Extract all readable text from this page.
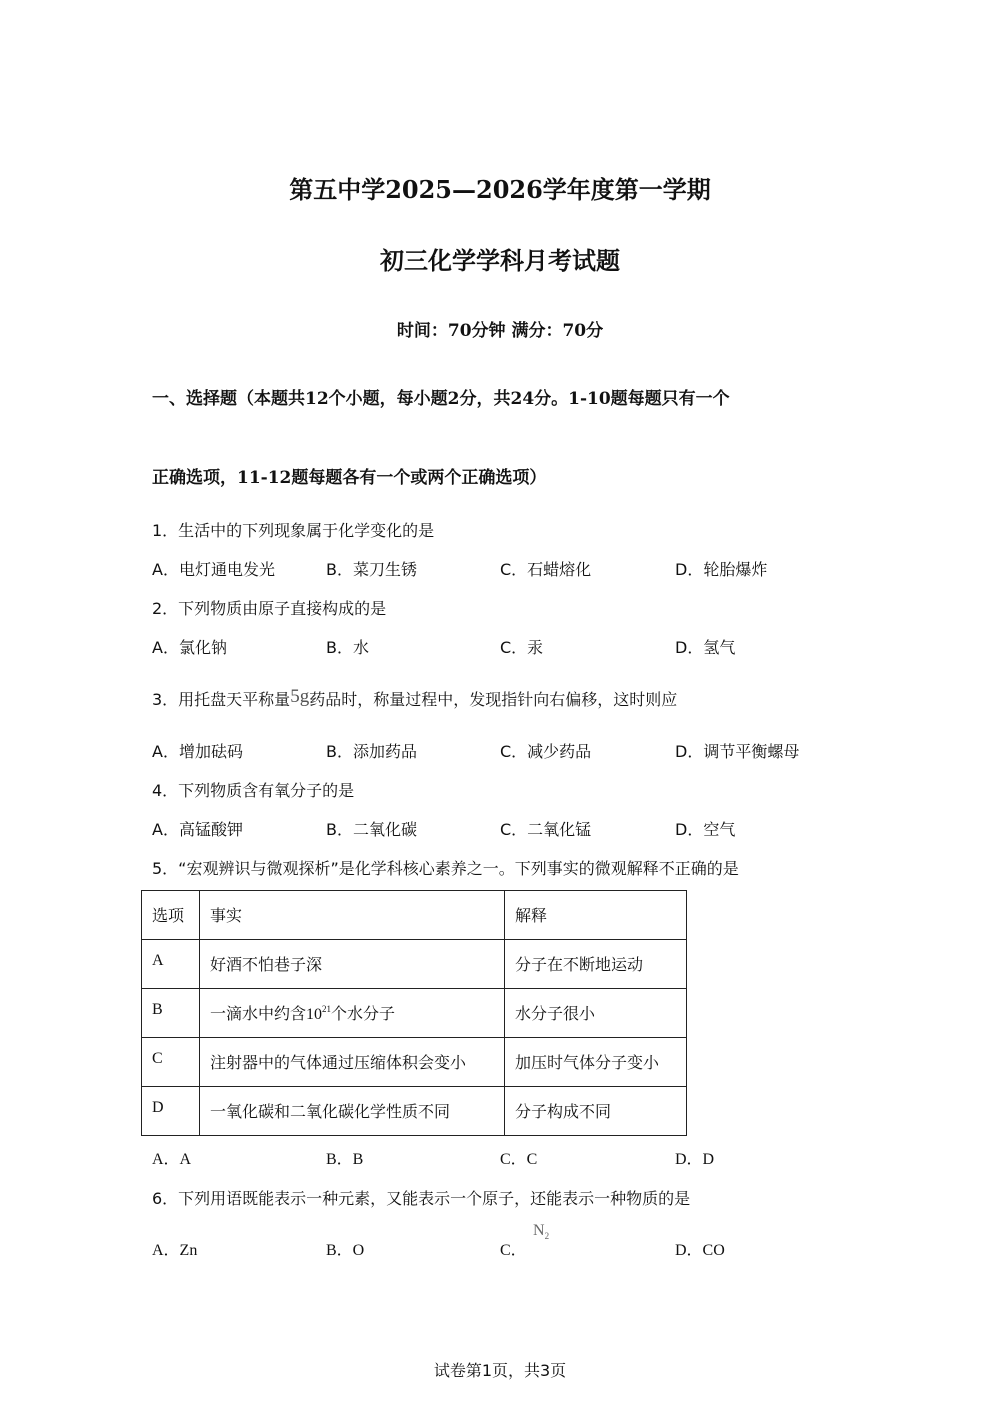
第五中学2025—2026学年度第一学期
初三化学学科月考试题
时间：70分钟 满分：70分
一、选择题（本题共12个小题，每小题2分，共24分。1-10题每题只有一个
正确选项，11-12题每题各有一个或两个正确选项）
1．生活中的下列现象属于化学变化的是
A．电灯通电发光	B．菜刀生锈	C．石蜡熔化	D．轮胎爆炸
2．下列物质由原子直接构成的是
A．氯化钠	B．水	C．汞	D．氢气
3．用托盘天平称量5g药品时，称量过程中，发现指针向右偏移，这时则应
A．增加砝码	B．添加药品	C．减少药品	D．调节平衡螺母
4．下列物质含有氧分子的是
A．高锰酸钾	B．二氧化碳	C．二氧化锰	D．空气
5．“宏观辨识与微观探析”是化学科核心素养之一。下列事实的微观解释不正确的是
选项	事实	解释
A	好酒不怕巷子深	分子在不断地运动
B	一滴水中约含$10^{21}$个水分子	水分子很小
C	注射器中的气体通过压缩体积会变小	加压时气体分子变小
D	一氧化碳和二氧化碳化学性质不同	分子构成不同
A．A	B．B	C．C	D．D
6．下列用语既能表示一种元素，又能表示一个原子，还能表示一种物质的是
A．Zn	B．O	C．
$N_2$
D．CO
试卷第1页，共3页
